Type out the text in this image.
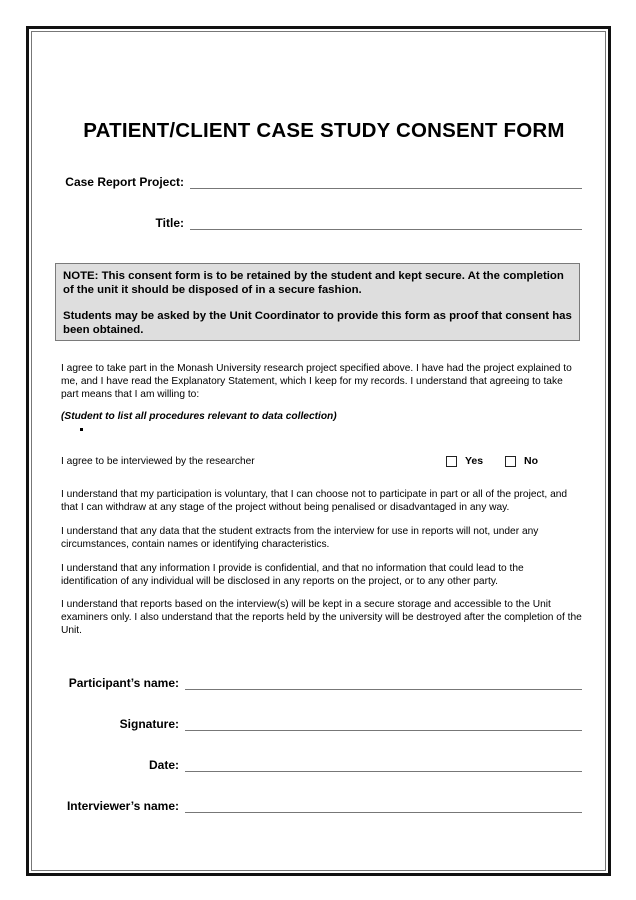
PATIENT/CLIENT CASE STUDY CONSENT FORM
Case Report Project:
Title:

NOTE: This consent form is to be retained by the student and kept secure. At the completion of the unit it should be disposed of in a secure fashion.

Students may be asked by the Unit Coordinator to provide this form as proof that consent has been obtained.

I agree to take part in the Monash University research project specified above. I have had the project explained to me, and I have read the Explanatory Statement, which I keep for my records. I understand that agreeing to take part means that I am willing to:
(Student to list all procedures relevant to data collection)
I agree to be interviewed by the researcher	Yes	No
I understand that my participation is voluntary, that I can choose not to participate in part or all of the project, and that I can withdraw at any stage of the project without being penalised or disadvantaged in any way.
I understand that any data that the student extracts from the interview for use in reports will not, under any circumstances, contain names or identifying characteristics.
I understand that any information I provide is confidential, and that no information that could lead to the identification of any individual will be disclosed in any reports on the project, or to any other party.
I understand that reports based on the interview(s) will be kept in a secure storage and accessible to the Unit examiners only. I also understand that the reports held by the university will be destroyed after the completion of the Unit.
Participant’s name:
Signature:
Date:
Interviewer’s name:
